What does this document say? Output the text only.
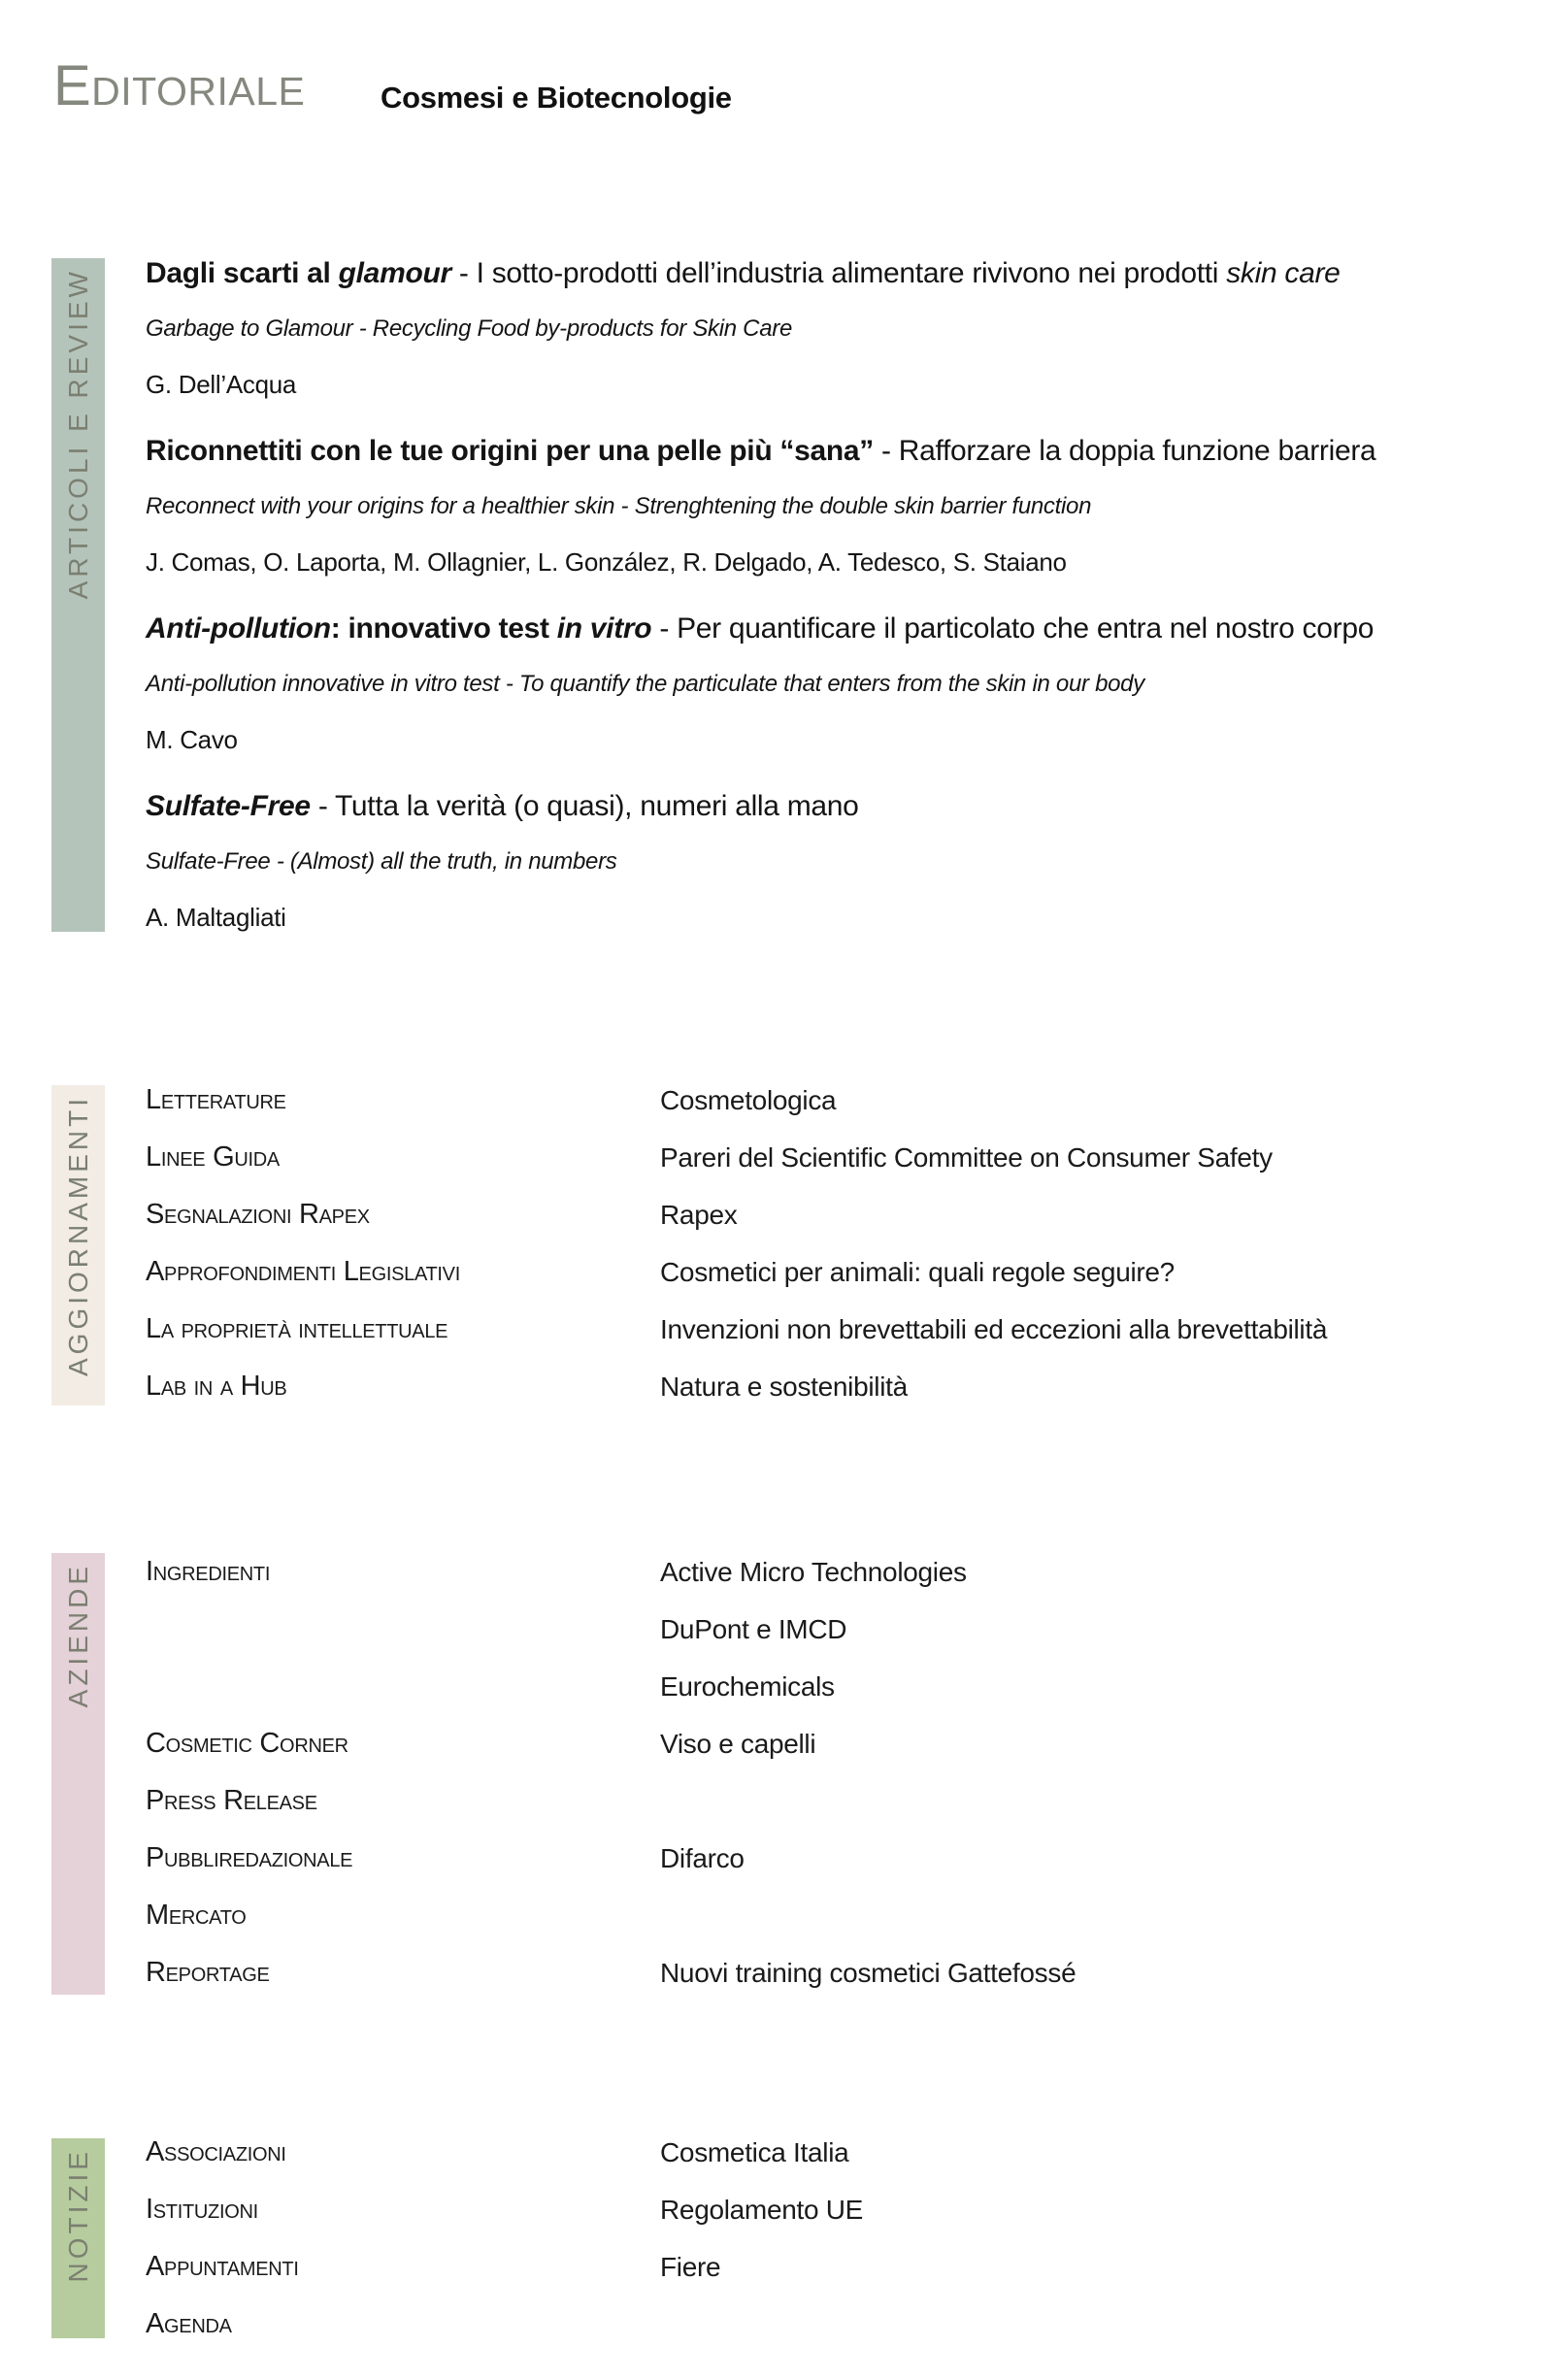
Editoriale	Cosmesi e Biotecnologie
ARTICOLI E REVIEW Dagli scarti al glamour - I sotto-prodotti dell’industria alimentare rivivono nei prodotti skin care
Garbage to Glamour - Recycling Food by-products for Skin Care
G. Dell’Acqua
Riconnettiti con le tue origini per una pelle più “sana” - Rafforzare la doppia funzione barriera
Reconnect with your origins for a healthier skin - Strenghtening the double skin barrier function
J. Comas, O. Laporta, M. Ollagnier, L. González, R. Delgado, A. Tedesco, S. Staiano
Anti-pollution: innovativo test in vitro - Per quantificare il particolato che entra nel nostro corpo
Anti-pollution innovative in vitro test - To quantify the particulate that enters from the skin in our body
M. Cavo
Sulfate-Free - Tutta la verità (o quasi), numeri alla mano
Sulfate-Free - (Almost) all the truth, in numbers
A. Maltagliati
AGGIORNAMENTI Letterature	Cosmetologica
Linee Guida	Pareri del Scientific Committee on Consumer Safety
Segnalazioni Rapex	Rapex
Approfondimenti Legislativi	Cosmetici per animali: quali regole seguire?
La proprietà intellettuale	Invenzioni non brevettabili ed eccezioni alla brevettabilità
Lab in a Hub	Natura e sostenibilità
AZIENDE Ingredienti	Active Micro Technologies
DuPont e IMCD
Eurochemicals
Cosmetic Corner	Viso e capelli
Press Release
Pubbliredazionale	Difarco
Mercato
Reportage	Nuovi training cosmetici Gattefossé
NOTIZIE Associazioni	Cosmetica Italia
Istituzioni	Regolamento UE
Appuntamenti	Fiere
Agenda
